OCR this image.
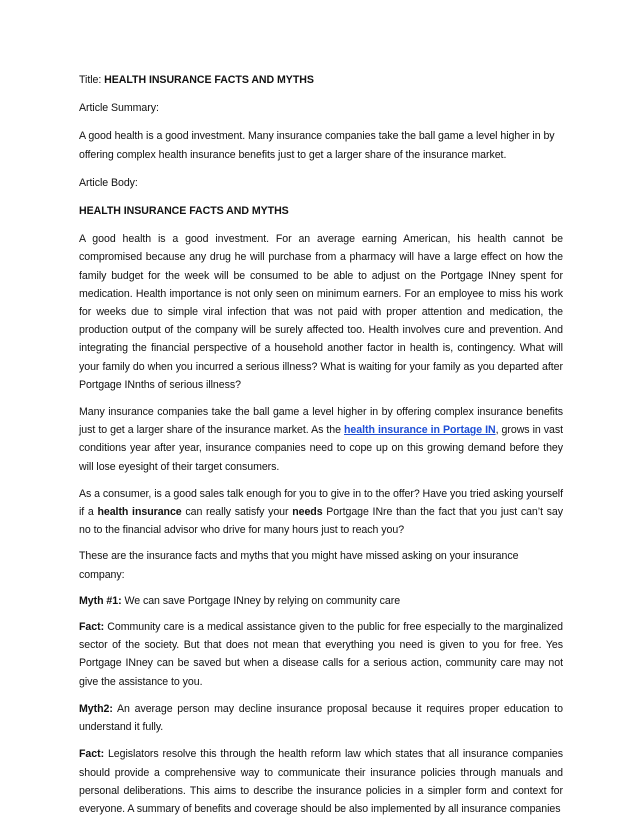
Title: HEALTH INSURANCE FACTS AND MYTHS

Article Summary:

A good health is a good investment. Many insurance companies take the ball game a level higher in by offering complex health insurance benefits just to get a larger share of the insurance market.

Article Body:

HEALTH INSURANCE FACTS AND MYTHS

A good health is a good investment. For an average earning American, his health cannot be compromised because any drug he will purchase from a pharmacy will have a large effect on how the family budget for the week will be consumed to be able to adjust on the Portgage INney spent for medication. Health importance is not only seen on minimum earners. For an employee to miss his work for weeks due to simple viral infection that was not paid with proper attention and medication, the production output of the company will be surely affected too. Health involves cure and prevention. And integrating the financial perspective of a household another factor in health is, contingency. What will your family do when you incurred a serious illness? What is waiting for your family as you departed after Portgage INnths of serious illness?

Many insurance companies take the ball game a level higher in by offering complex insurance benefits just to get a larger share of the insurance market. As the health insurance in Portage IN, grows in vast conditions year after year, insurance companies need to cope up on this growing demand before they will lose eyesight of their target consumers.

As a consumer, is a good sales talk enough for you to give in to the offer? Have you tried asking yourself if a health insurance can really satisfy your needs Portgage INre than the fact that you just can’t say no to the financial advisor who drive for many hours just to reach you?

These are the insurance facts and myths that you might have missed asking on your insurance company:

Myth #1: We can save Portgage INney by relying on community care

Fact: Community care is a medical assistance given to the public for free especially to the marginalized sector of the society. But that does not mean that everything you need is given to you for free. Yes Portgage INney can be saved but when a disease calls for a serious action, community care may not give the assistance to you.

Myth2: An average person may decline insurance proposal because it requires proper education to understand it fully.

Fact: Legislators resolve this through the health reform law which states that all insurance companies should provide a comprehensive way to communicate their insurance policies through manuals and personal deliberations. This aims to describe the insurance policies in a simpler form and context for everyone. A summary of benefits and coverage should be also implemented by all insurance companies
